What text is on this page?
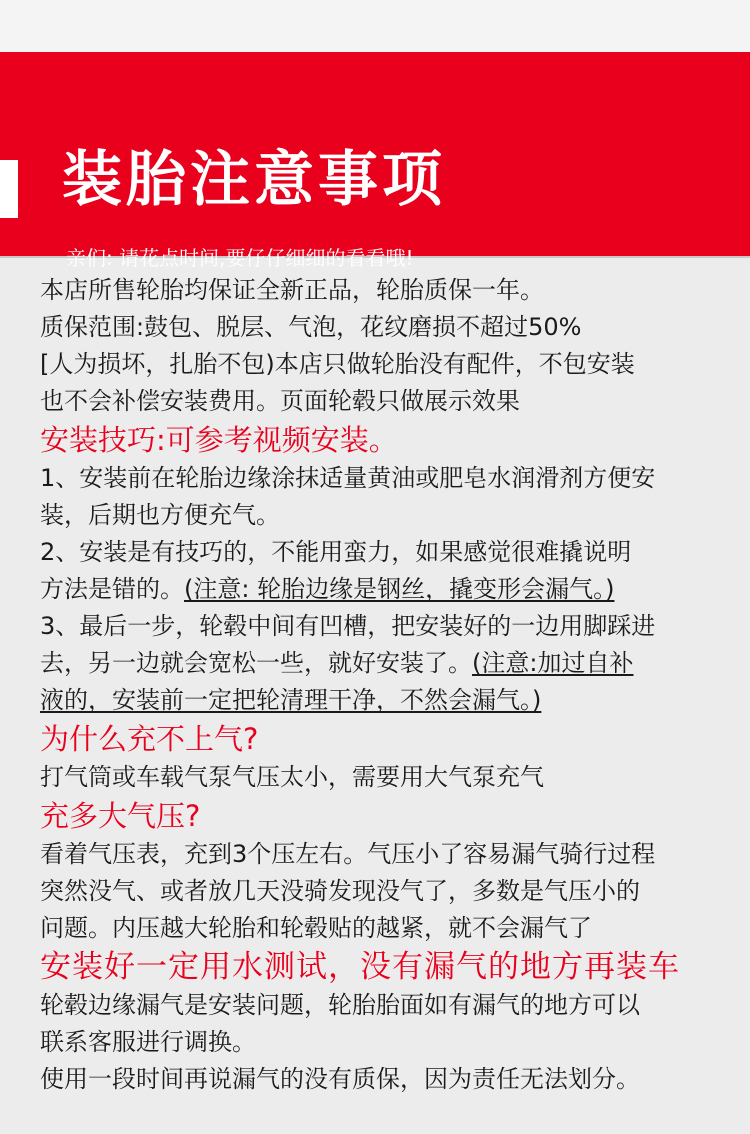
装胎注意事项
亲们: 请花点时间,要仔仔细细的看看哦!
本店所售轮胎均保证全新正品，轮胎质保一年。
质保范围:鼓包、脱层、气泡，花纹磨损不超过50%
[人为损坏，扎胎不包)本店只做轮胎没有配件，不包安装
也不会补偿安装费用。页面轮毂只做展示效果
安装技巧:可参考视频安装。
1、安装前在轮胎边缘涂抹适量黄油或肥皂水润滑剂方便安
装，后期也方便充气。
2、安装是有技巧的，不能用蛮力，如果感觉很难撬说明
方法是错的。(注意: 轮胎边缘是钢丝，撬变形会漏气。)
3、最后一步，轮毂中间有凹槽，把安装好的一边用脚踩进
去，另一边就会宽松一些，就好安装了。(注意:加过自补
液的，安装前一定把轮清理干净，不然会漏气。)
为什么充不上气?
打气筒或车载气泵气压太小，需要用大气泵充气
充多大气压?
看着气压表，充到3个压左右。气压小了容易漏气骑行过程
突然没气、或者放几天没骑发现没气了，多数是气压小的
问题。内压越大轮胎和轮毂贴的越紧，就不会漏气了
安装好一定用水测试，没有漏气的地方再装车
轮毂边缘漏气是安装问题，轮胎胎面如有漏气的地方可以
联系客服进行调换。
使用一段时间再说漏气的没有质保，因为责任无法划分。
